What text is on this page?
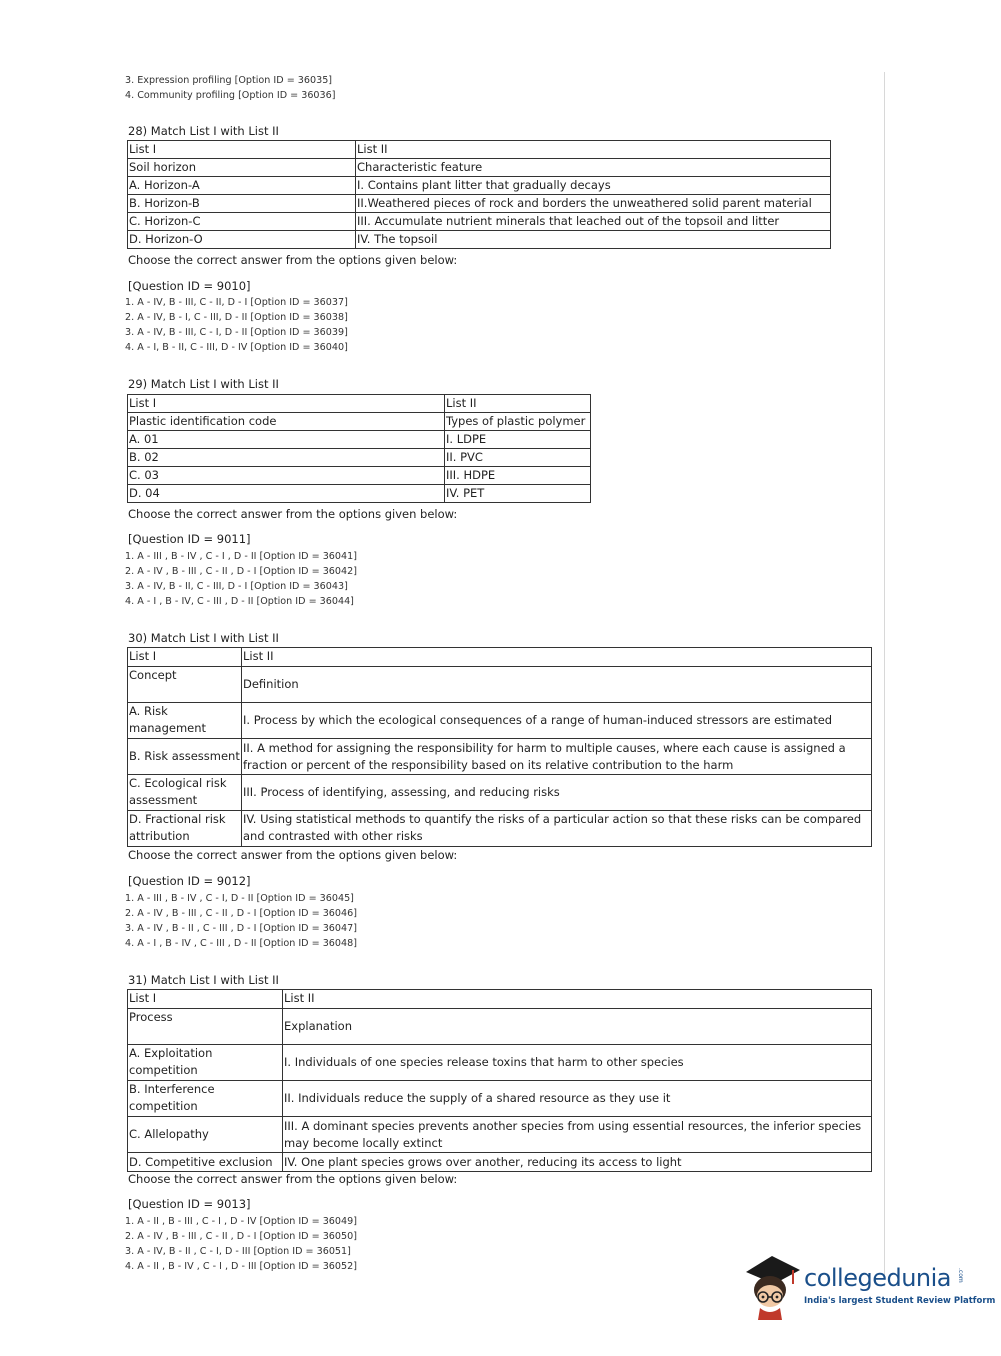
3. Expression profiling [Option ID = 36035]
4. Community profiling [Option ID = 36036]
28) Match List I with List II
List I	List II
Soil horizon	Characteristic feature
A. Horizon-A	I. Contains plant litter that gradually decays
B. Horizon-B	II.Weathered pieces of rock and borders the unweathered solid parent material
C. Horizon-C	III. Accumulate nutrient minerals that leached out of the topsoil and litter
D. Horizon-O	IV. The topsoil
Choose the correct answer from the options given below:
[Question ID = 9010]
1. A - IV, B - III, C - II, D - I [Option ID = 36037]
2. A - IV, B - I, C - III, D - II [Option ID = 36038]
3. A - IV, B - III, C - I, D - II [Option ID = 36039]
4. A - I, B - II, C - III, D - IV [Option ID = 36040]
29) Match List I with List II
List I	List II
Plastic identification code	Types of plastic polymer
A. 01	I. LDPE
B. 02	II. PVC
C. 03	III. HDPE
D. 04	IV. PET
Choose the correct answer from the options given below:
[Question ID = 9011]
1. A - III , B - IV , C - I , D - II [Option ID = 36041]
2. A - IV , B - III , C - II , D - I [Option ID = 36042]
3. A - IV, B - II, C - III, D - I [Option ID = 36043]
4. A - I , B - IV, C - III , D - II [Option ID = 36044]
30) Match List I with List II
List I	List II
Concept	Definition
A. Risk management	I. Process by which the ecological consequences of a range of human-induced stressors are estimated
B. Risk assessment	II. A method for assigning the responsibility for harm to multiple causes, where each cause is assigned a fraction or percent of the responsibility based on its relative contribution to the harm
C. Ecological risk assessment	III. Process of identifying, assessing, and reducing risks
D. Fractional risk attribution	IV. Using statistical methods to quantify the risks of a particular action so that these risks can be compared and contrasted with other risks
Choose the correct answer from the options given below:
[Question ID = 9012]
1. A - III , B - IV , C - I, D - II [Option ID = 36045]
2. A - IV , B - III , C - II , D - I [Option ID = 36046]
3. A - IV , B - II , C - III , D - I [Option ID = 36047]
4. A - I , B - IV , C - III , D - II [Option ID = 36048]
31) Match List I with List II
List I	List II
Process	Explanation
A. Exploitation competition	I. Individuals of one species release toxins that harm to other species
B. Interference competition	II. Individuals reduce the supply of a shared resource as they use it
C. Allelopathy	III. A dominant species prevents another species from using essential resources, the inferior species may become locally extinct
D. Competitive exclusion	IV. One plant species grows over another, reducing its access to light
Choose the correct answer from the options given below:
[Question ID = 9013]
1. A - II , B - III , C - I , D - IV [Option ID = 36049]
2. A - IV , B - III , C - II , D - I [Option ID = 36050]
3. A - IV, B - II , C - I, D - III [Option ID = 36051]
4. A - II , B - IV , C - I , D - III [Option ID = 36052]	collegedunia .com
India's largest Student Review Platform
